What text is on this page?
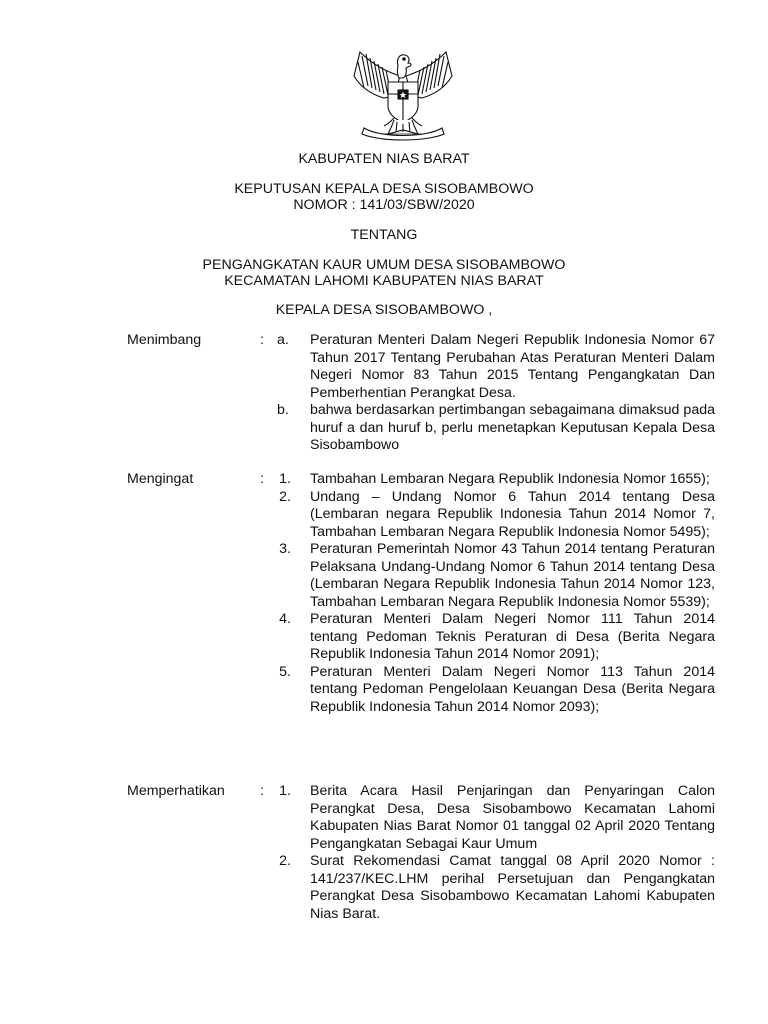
KABUPATEN NIAS BARAT
KEPUTUSAN KEPALA DESA SISOBAMBOWO
NOMOR : 141/03/SBW/2020
TENTANG
PENGANGKATAN KAUR UMUM DESA SISOBAMBOWO
KECAMATAN LAHOMI KABUPATEN NIAS BARAT
KEPALA DESA SISOBAMBOWO ,
Menimbang	: a. Peraturan Menteri Dalam Negeri Republik Indonesia Nomor 67 Tahun 2017 Tentang Perubahan Atas Peraturan Menteri Dalam Negeri Nomor 83 Tahun 2015 Tentang Pengangkatan Dan Pemberhentian Perangkat Desa.
b. bahwa berdasarkan pertimbangan sebagaimana dimaksud pada huruf a dan huruf b, perlu menetapkan Keputusan Kepala Desa Sisobambowo
Mengingat	: 1. Tambahan Lembaran Negara Republik Indonesia Nomor 1655);
2. Undang – Undang Nomor 6 Tahun 2014 tentang Desa (Lembaran negara Republik Indonesia Tahun 2014 Nomor 7, Tambahan Lembaran Negara Republik Indonesia Nomor 5495);
3. Peraturan Pemerintah Nomor 43 Tahun 2014 tentang Peraturan Pelaksana Undang-Undang Nomor 6 Tahun 2014 tentang Desa (Lembaran Negara Republik Indonesia Tahun 2014 Nomor 123, Tambahan Lembaran Negara Republik Indonesia Nomor 5539);
4. Peraturan Menteri Dalam Negeri Nomor 111 Tahun 2014 tentang Pedoman Teknis Peraturan di Desa (Berita Negara Republik Indonesia Tahun 2014 Nomor 2091);
5. Peraturan Menteri Dalam Negeri Nomor 113 Tahun 2014 tentang Pedoman Pengelolaan Keuangan Desa (Berita Negara Republik Indonesia Tahun 2014 Nomor 2093);
Memperhatikan : 1. Berita Acara Hasil Penjaringan dan Penyaringan Calon Perangkat Desa, Desa Sisobambowo Kecamatan Lahomi Kabupaten Nias Barat Nomor 01 tanggal 02 April 2020 Tentang Pengangkatan Sebagai Kaur Umum
2. Surat Rekomendasi Camat tanggal 08 April 2020 Nomor : 141/237/KEC.LHM perihal Persetujuan dan Pengangkatan Perangkat Desa Sisobambowo Kecamatan Lahomi Kabupaten Nias Barat.
